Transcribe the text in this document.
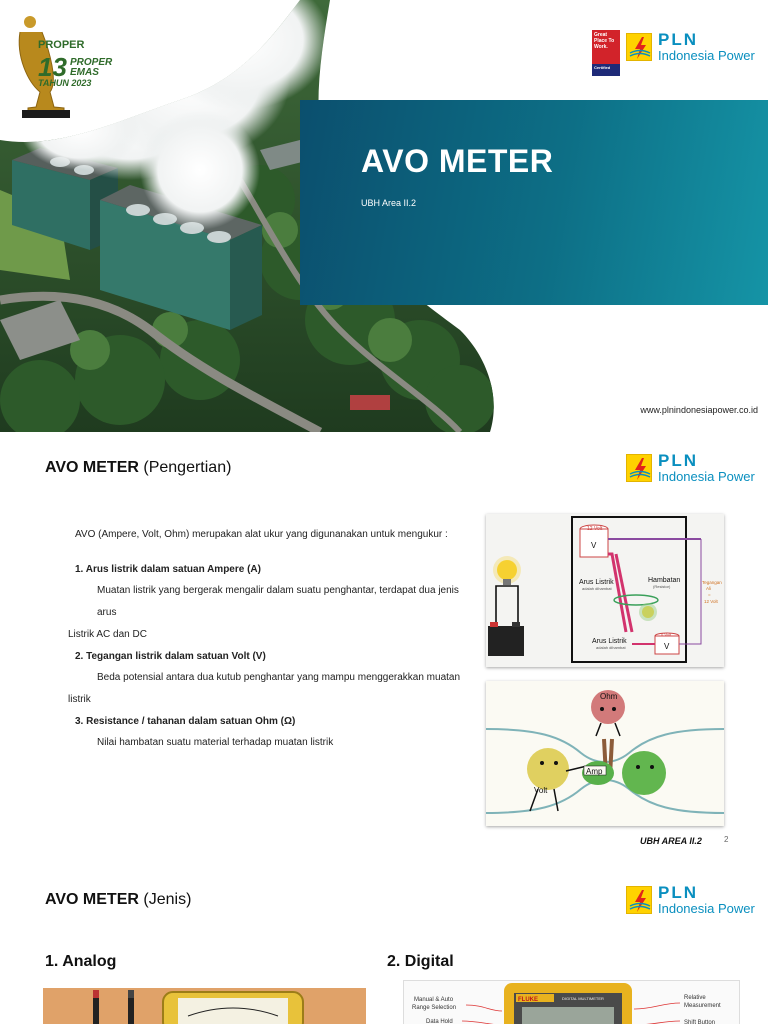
AVO METER
UBH Area II.2
PROPER
13 PROPER
EMAS
TAHUN 2023
Great Place To Work.
Certified
PLN
Indonesia Power
www.plnindonesiapower.co.id
AVO METER (Pengertian)	PLN
Indonesia Power
AVO (Ampere, Volt, Ohm) merupakan alat ukur yang digunanakan untuk mengukur :
1. Arus listrik dalam satuan Ampere (A)
Muatan listrik yang bergerak mengalir dalam suatu penghantar, terdapat dua jenis arus
Listrik AC dan DC
2. Tegangan listrik dalam satuan Volt (V)
Beda potensial antara dua kutub penghantar yang mampu menggerakkan muatan
listrik
3. Resistance / tahanan dalam satuan Ohm (Ω)
Nilai hambatan suatu material terhadap muatan listrik
12 Volt
V
Arus Listrik
adalah dihambat
Hambatan
(Resistor)
Arus Listrik
adalah dihambat
0 Volt
V
Tegangan
Ali
=
12 Volt
Ohm
Volt
Amp
UBH AREA II.2	2
AVO METER (Jenis)	PLN
Indonesia Power
1. Analog	2. Digital
Manual & Auto
Range Selection
Data Hold
FLUKE	DIGITAL MULTIMETER	Relative
Measurement
Shift Button
